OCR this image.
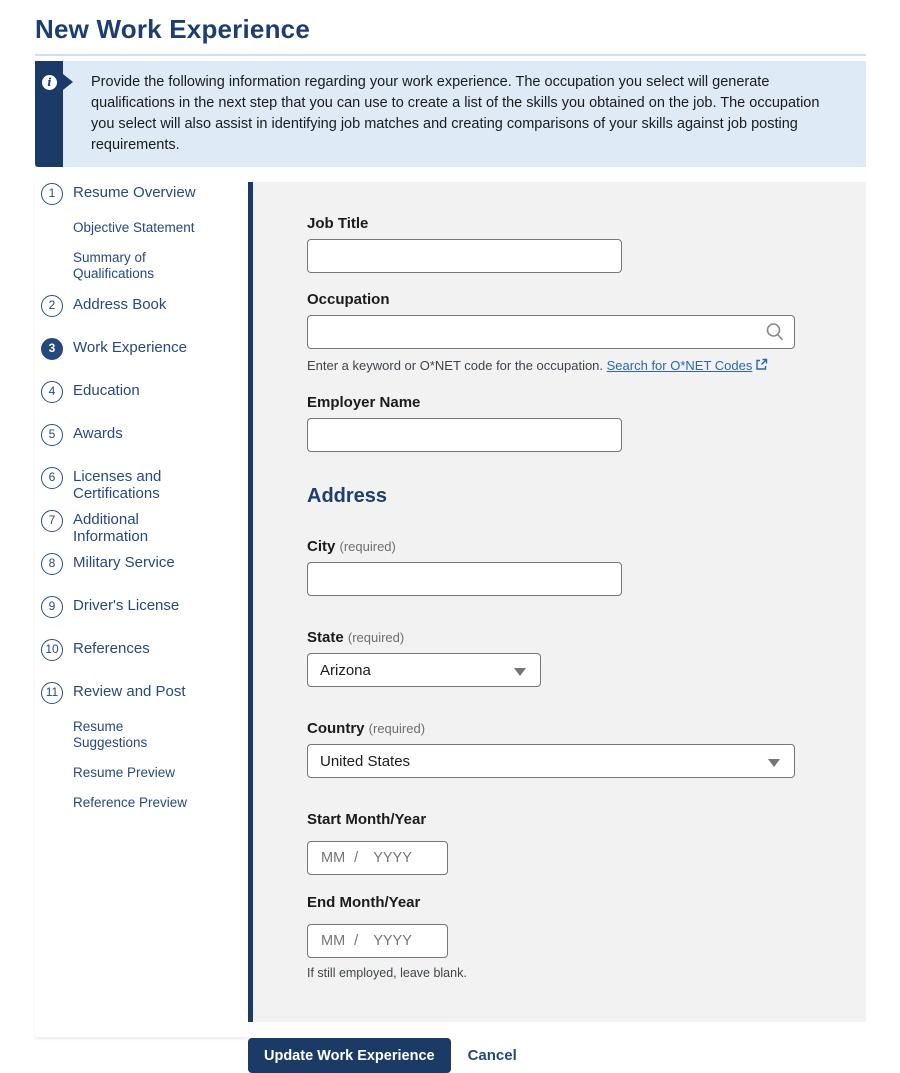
New Work Experience
i	Provide the following information regarding your work experience. The occupation you select will generate qualifications in the next step that you can use to create a list of the skills you obtained on the job. The occupation you select will also assist in identifying job matches and creating comparisons of your skills against job posting requirements.
1	Resume Overview
Objective Statement
Summary of Qualifications
2	Address Book
3	Work Experience
4	Education
5	Awards
6	Licenses and Certifications
7	Additional Information
8	Military Service
9	Driver's License
10 References
11 Review and Post
Resume Suggestions
Resume Preview
Reference Preview
Job Title
Occupation
Enter a keyword or O*NET code for the occupation. Search for O*NET Codes
Employer Name
Address
City (required)
State (required)
Arizona
Country (required)
United States
Start Month/Year
MM / YYYY
End Month/Year
MM / YYYY
If still employed, leave blank.
Update Work Experience	Cancel
